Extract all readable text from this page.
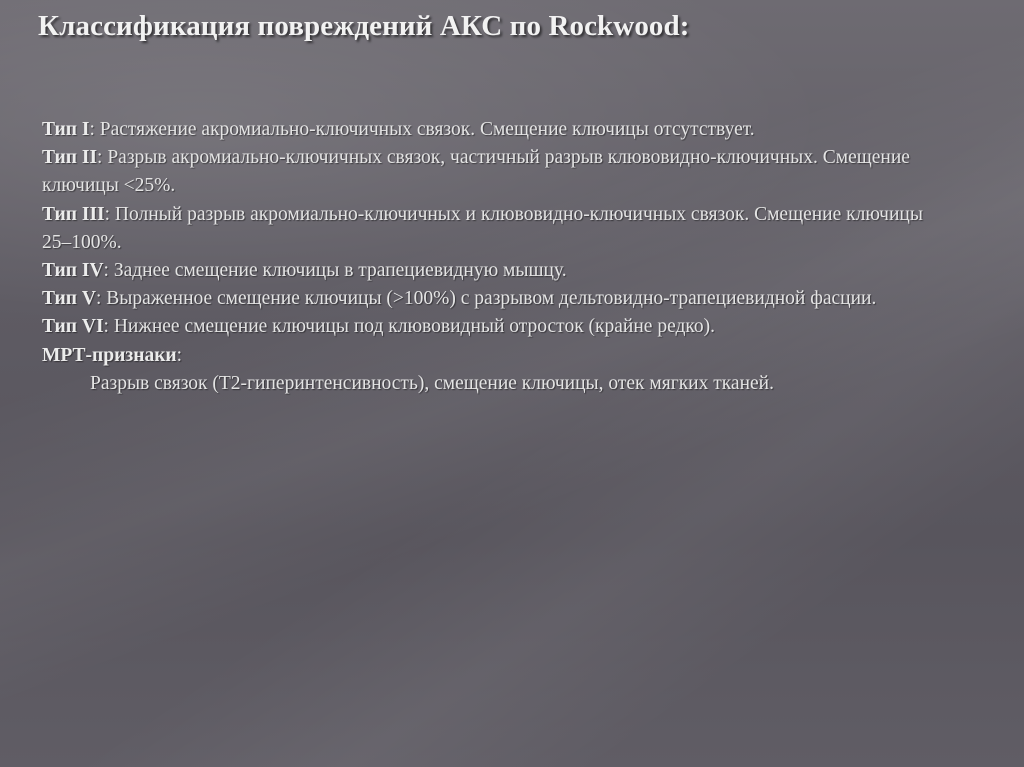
Классификация повреждений АКС по Rockwood:
Тип I: Растяжение акромиально-ключичных связок. Смещение ключицы отсутствует.
Тип II: Разрыв акромиально-ключичных связок, частичный разрыв клювовидно-ключичных. Смещение ключицы <25%.
Тип III: Полный разрыв акромиально-ключичных и клювовидно-ключичных связок. Смещение ключицы 25–100%.
Тип IV: Заднее смещение ключицы в трапециевидную мышцу.
Тип V: Выраженное смещение ключицы (>100%) с разрывом дельтовидно-трапециевидной фасции.
Тип VI: Нижнее смещение ключицы под клювовидный отросток (крайне редко).
МРТ-признаки:
Разрыв связок (Т2-гиперинтенсивность), смещение ключицы, отек мягких тканей.
